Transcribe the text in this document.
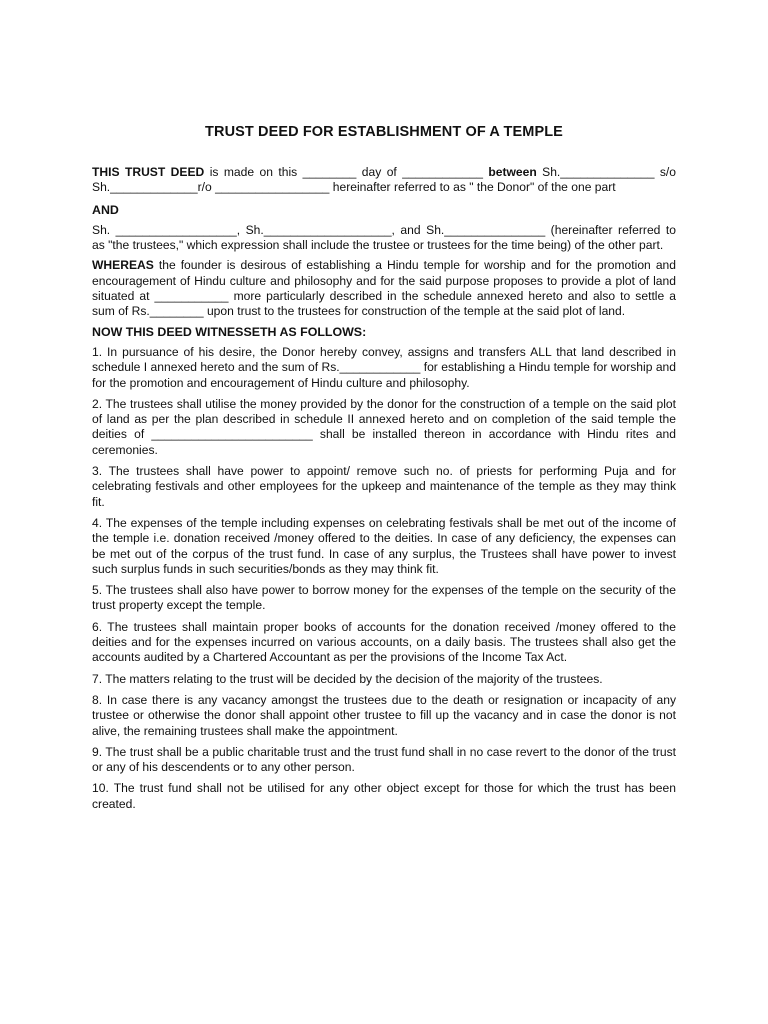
TRUST DEED FOR ESTABLISHMENT OF A TEMPLE

THIS TRUST DEED is made on this ________ day of ____________ between Sh.______________ s/o Sh._____________r/o _________________ hereinafter referred to as " the Donor" of the one part

AND

Sh. __________________, Sh.___________________, and Sh._______________ (hereinafter referred to as "the trustees," which expression shall include the trustee or trustees for the time being) of the other part.

WHEREAS the founder is desirous of establishing a Hindu temple for worship and for the promotion and encouragement of Hindu culture and philosophy and for the said purpose proposes to provide a plot of land situated at ___________ more particularly described in the schedule annexed hereto and also to settle a sum of Rs.________ upon trust to the trustees for construction of the temple at the said plot of land.

NOW THIS DEED WITNESSETH AS FOLLOWS:

1. In pursuance of his desire, the Donor hereby convey, assigns and transfers ALL that land described in schedule I annexed hereto and the sum of Rs.____________ for establishing a Hindu temple for worship and for the promotion and encouragement of Hindu culture and philosophy.

2. The trustees shall utilise the money provided by the donor for the construction of a temple on the said plot of land as per the plan described in schedule II annexed hereto and on completion of the said temple the deities of ________________________ shall be installed thereon in accordance with Hindu rites and ceremonies.

3. The trustees shall have power to appoint/ remove such no. of priests for performing Puja and for celebrating festivals and other employees for the upkeep and maintenance of the temple as they may think fit.

4. The expenses of the temple including expenses on celebrating festivals shall be met out of the income of the temple i.e. donation received /money offered to the deities. In case of any deficiency, the expenses can be met out of the corpus of the trust fund. In case of any surplus, the Trustees shall have power to invest such surplus funds in such securities/bonds as they may think fit.

5. The trustees shall also have power to borrow money for the expenses of the temple on the security of the trust property except the temple.

6. The trustees shall maintain proper books of accounts for the donation received /money offered to the deities and for the expenses incurred on various accounts, on a daily basis. The trustees shall also get the accounts audited by a Chartered Accountant as per the provisions of the Income Tax Act.

7. The matters relating to the trust will be decided by the decision of the majority of the trustees.

8. In case there is any vacancy amongst the trustees due to the death or resignation or incapacity of any trustee or otherwise the donor shall appoint other trustee to fill up the vacancy and in case the donor is not alive, the remaining trustees shall make the appointment.

9. The trust shall be a public charitable trust and the trust fund shall in no case revert to the donor of the trust or any of his descendents or to any other person.

10. The trust fund shall not be utilised for any other object except for those for which the trust has been created.
